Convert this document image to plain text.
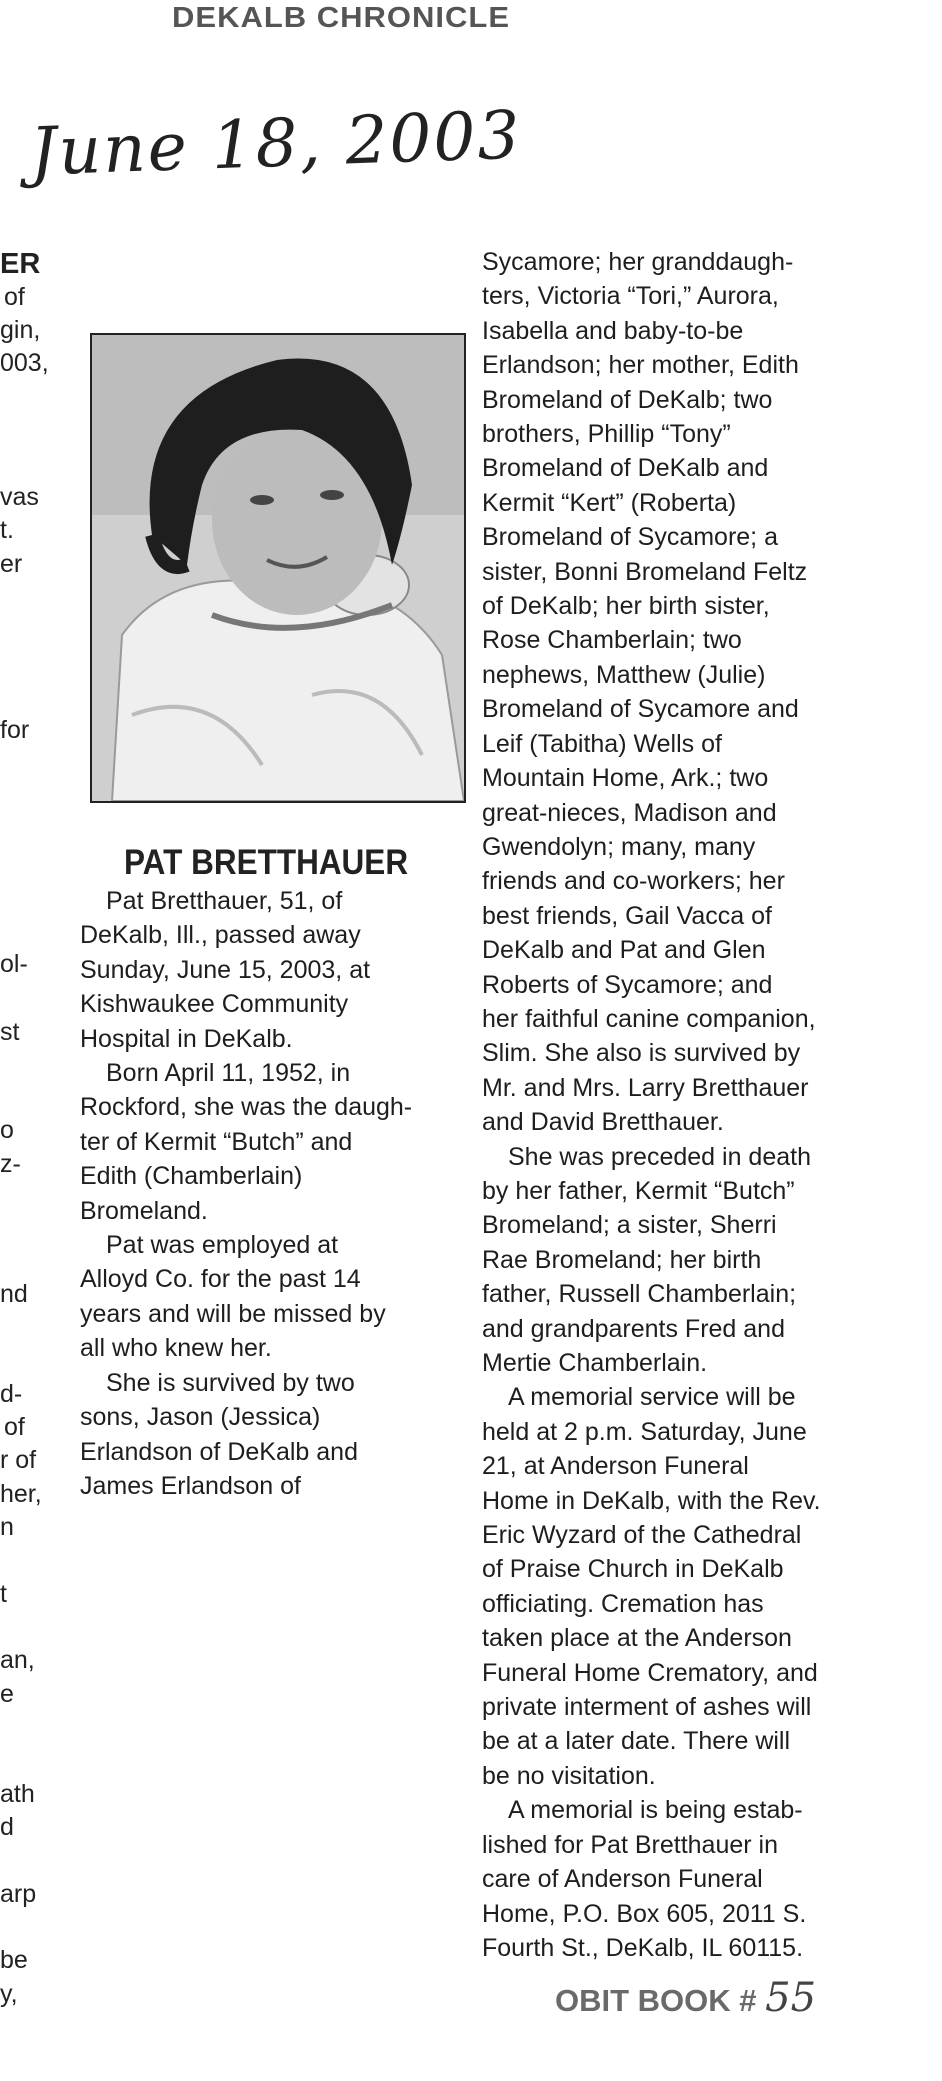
DEKALB CHRONICLE
June 18, 2003
ER
of
gin,
003,
vas
t.
er
for
ol-
st
o
z-
nd
d-
of
r of
her,
n
t
an,
e
ath
d
arp
be
y,
PAT BRETTHAUER

Pat Bretthauer, 51, of

DeKalb, Ill., passed away

Sunday, June 15, 2003, at

Kishwaukee Community

Hospital in DeKalb.

Born April 11, 1952, in

Rockford, she was the daugh-

ter of Kermit “Butch” and

Edith (Chamberlain)

Bromeland.

Pat was employed at

Alloyd Co. for the past 14

years and will be missed by

all who knew her.

She is survived by two

sons, Jason (Jessica)

Erlandson of DeKalb and

James Erlandson of

Sycamore; her granddaugh-

ters, Victoria “Tori,” Aurora,

Isabella and baby-to-be

Erlandson; her mother, Edith

Bromeland of DeKalb; two

brothers, Phillip “Tony”

Bromeland of DeKalb and

Kermit “Kert” (Roberta)

Bromeland of Sycamore; a

sister, Bonni Bromeland Feltz

of DeKalb; her birth sister,

Rose Chamberlain; two

nephews, Matthew (Julie)

Bromeland of Sycamore and

Leif (Tabitha) Wells of

Mountain Home, Ark.; two

great-nieces, Madison and

Gwendolyn; many, many

friends and co-workers; her

best friends, Gail Vacca of

DeKalb and Pat and Glen

Roberts of Sycamore; and

her faithful canine companion,

Slim. She also is survived by

Mr. and Mrs. Larry Bretthauer

and David Bretthauer.

She was preceded in death

by her father, Kermit “Butch”

Bromeland; a sister, Sherri

Rae Bromeland; her birth

father, Russell Chamberlain;

and grandparents Fred and

Mertie Chamberlain.

A memorial service will be

held at 2 p.m. Saturday, June

21, at Anderson Funeral

Home in DeKalb, with the Rev.

Eric Wyzard of the Cathedral

of Praise Church in DeKalb

officiating. Cremation has

taken place at the Anderson

Funeral Home Crematory, and

private interment of ashes will

be at a later date. There will

be no visitation.

A memorial is being estab-

lished for Pat Bretthauer in

care of Anderson Funeral

Home, P.O. Box 605, 2011 S.

Fourth St., DeKalb, IL 60115.

OBIT BOOK # 55
